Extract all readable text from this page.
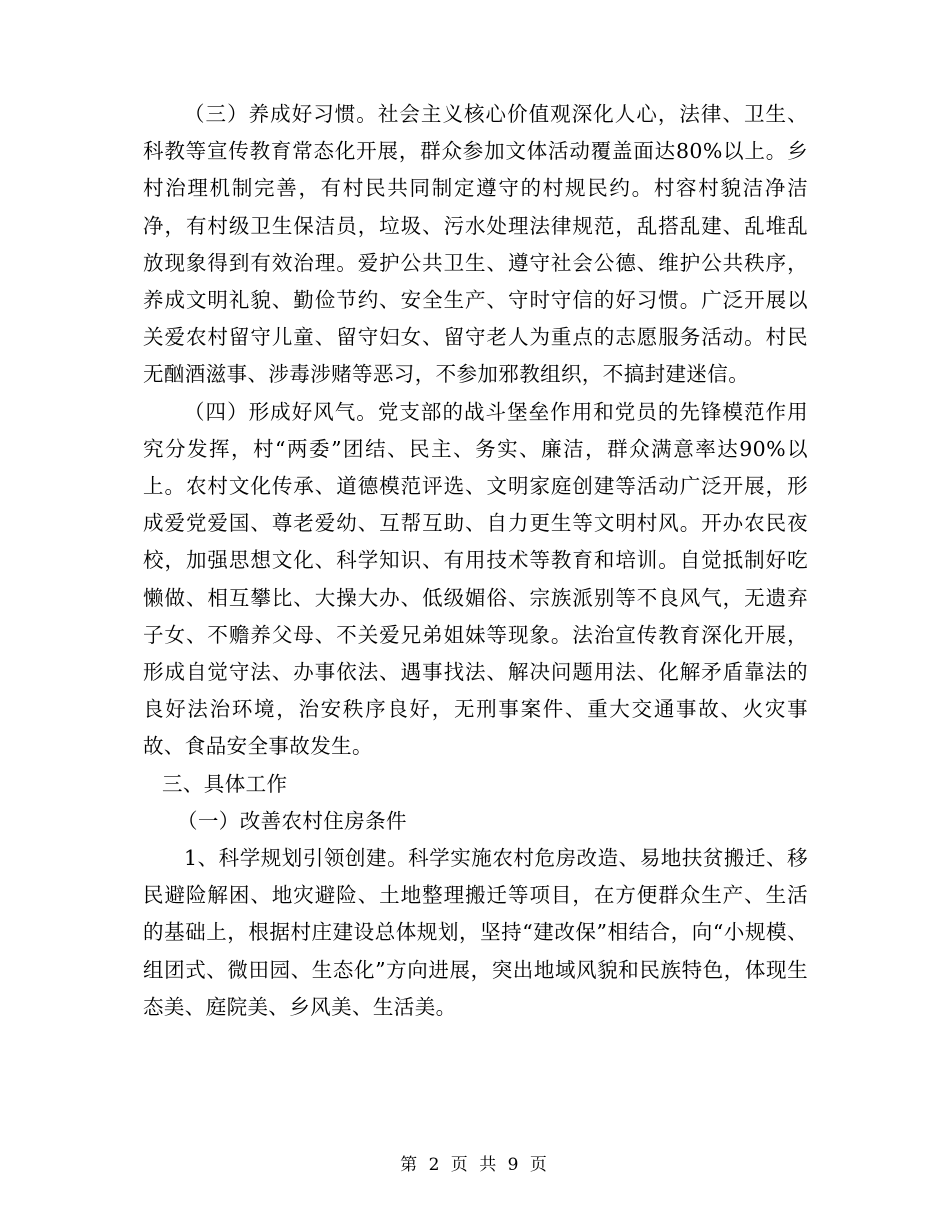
（三）养成好习惯。社会主义核心价值观深化人心，法律、卫生、科教等宣传教育常态化开展，群众参加文体活动覆盖面达80%以上。乡村治理机制完善，有村民共同制定遵守的村规民约。村容村貌洁净洁净，有村级卫生保洁员，垃圾、污水处理法律规范，乱搭乱建、乱堆乱放现象得到有效治理。爱护公共卫生、遵守社会公德、维护公共秩序，养成文明礼貌、勤俭节约、安全生产、守时守信的好习惯。广泛开展以关爱农村留守儿童、留守妇女、留守老人为重点的志愿服务活动。村民无酗酒滋事、涉毒涉赌等恶习，不参加邪教组织，不搞封建迷信。

（四）形成好风气。党支部的战斗堡垒作用和党员的先锋模范作用究分发挥，村“两委”团结、民主、务实、廉洁，群众满意率达90%以上。农村文化传承、道德模范评选、文明家庭创建等活动广泛开展，形成爱党爱国、尊老爱幼、互帮互助、自力更生等文明村风。开办农民夜校，加强思想文化、科学知识、有用技术等教育和培训。自觉抵制好吃懒做、相互攀比、大操大办、低级媚俗、宗族派别等不良风气，无遗弃子女、不赡养父母、不关爱兄弟姐妹等现象。法治宣传教育深化开展，形成自觉守法、办事依法、遇事找法、解决问题用法、化解矛盾靠法的良好法治环境，治安秩序良好，无刑事案件、重大交通事故、火灾事故、食品安全事故发生。

三、具体工作

（一）改善农村住房条件

1、科学规划引领创建。科学实施农村危房改造、易地扶贫搬迁、移民避险解困、地灾避险、土地整理搬迁等项目，在方便群众生产、生活的基础上，根据村庄建设总体规划，坚持“建改保”相结合，向“小规模、组团式、微田园、生态化”方向进展，突出地域风貌和民族特色，体现生态美、庭院美、乡风美、生活美。

第 2 页 共 9 页
